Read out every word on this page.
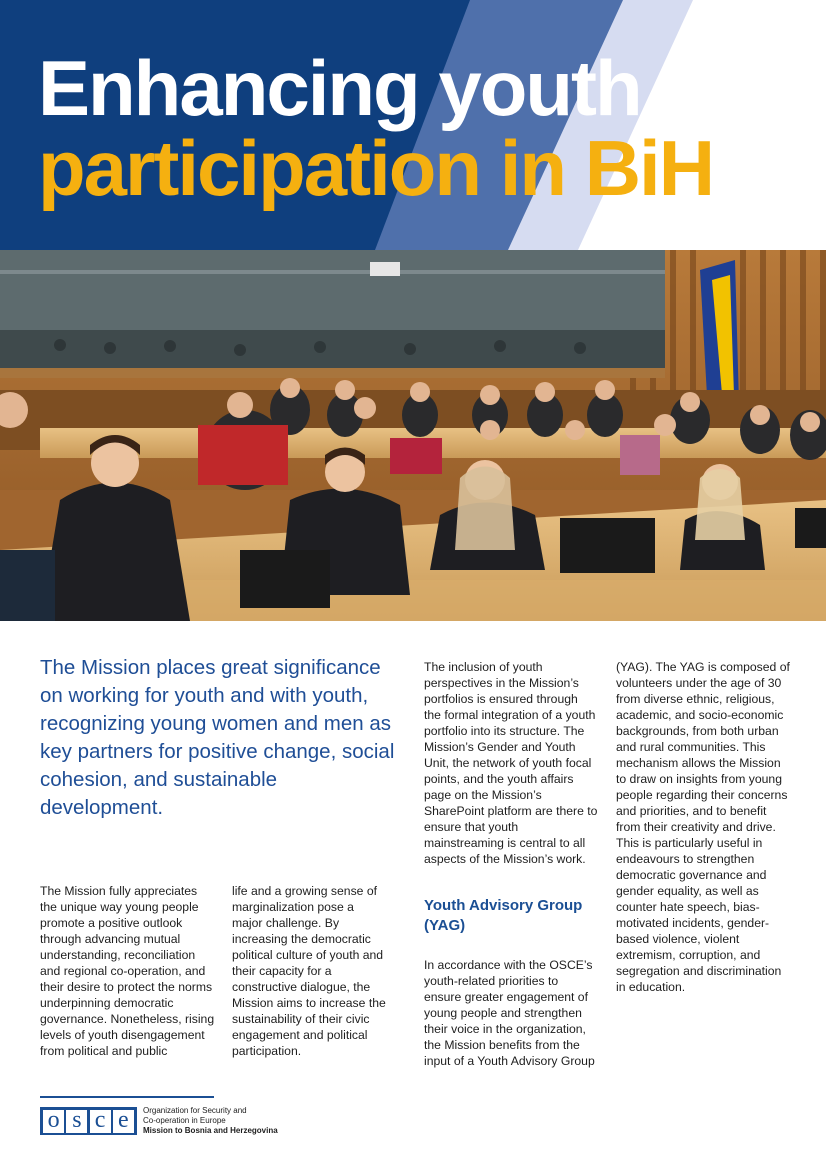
Enhancing youth
participation in BiH

The Mission places great significance on working for youth and with youth, recognizing young women and men as key partners for positive change, social cohesion, and sustainable development.

The Mission fully appreciates the unique way young people promote a positive outlook through advancing mutual understanding, reconciliation and regional co-operation, and their desire to protect the norms underpinning democratic governance. Nonetheless, rising levels of youth disengagement from political and public

life and a growing sense of marginalization pose a major challenge. By increasing the democratic political culture of youth and their capacity for a constructive dialogue, the Mission aims to increase the sustainability of their civic engagement and political participation.

The inclusion of youth perspectives in the Mission’s portfolios is ensured through the formal integration of a youth portfolio into its structure. The Mission’s Gender and Youth Unit, the network of youth focal points, and the youth affairs page on the Mission’s SharePoint platform are there to ensure that youth mainstreaming is central to all aspects of the Mission’s work.

Youth Advisory Group (YAG)

In accordance with the OSCE’s youth-related priorities to ensure greater engagement of young people and strengthen their voice in the organization, the Mission benefits from the input of a Youth Advisory Group

(YAG). The YAG is composed of volunteers under the age of 30 from diverse ethnic, religious, academic, and socio-economic backgrounds, from both urban and rural communities. This mechanism allows the Mission to draw on insights from young people regarding their concerns and priorities, and to benefit from their creativity and drive. This is particularly useful in endeavours to strengthen democratic governance and gender equality, as well as counter hate speech, bias-motivated incidents, gender-based violence, violent extremism, corruption, and segregation and discrimination in education.

o s c e	Organization for Security and
Co-operation in Europe
Mission to Bosnia and Herzegovina
